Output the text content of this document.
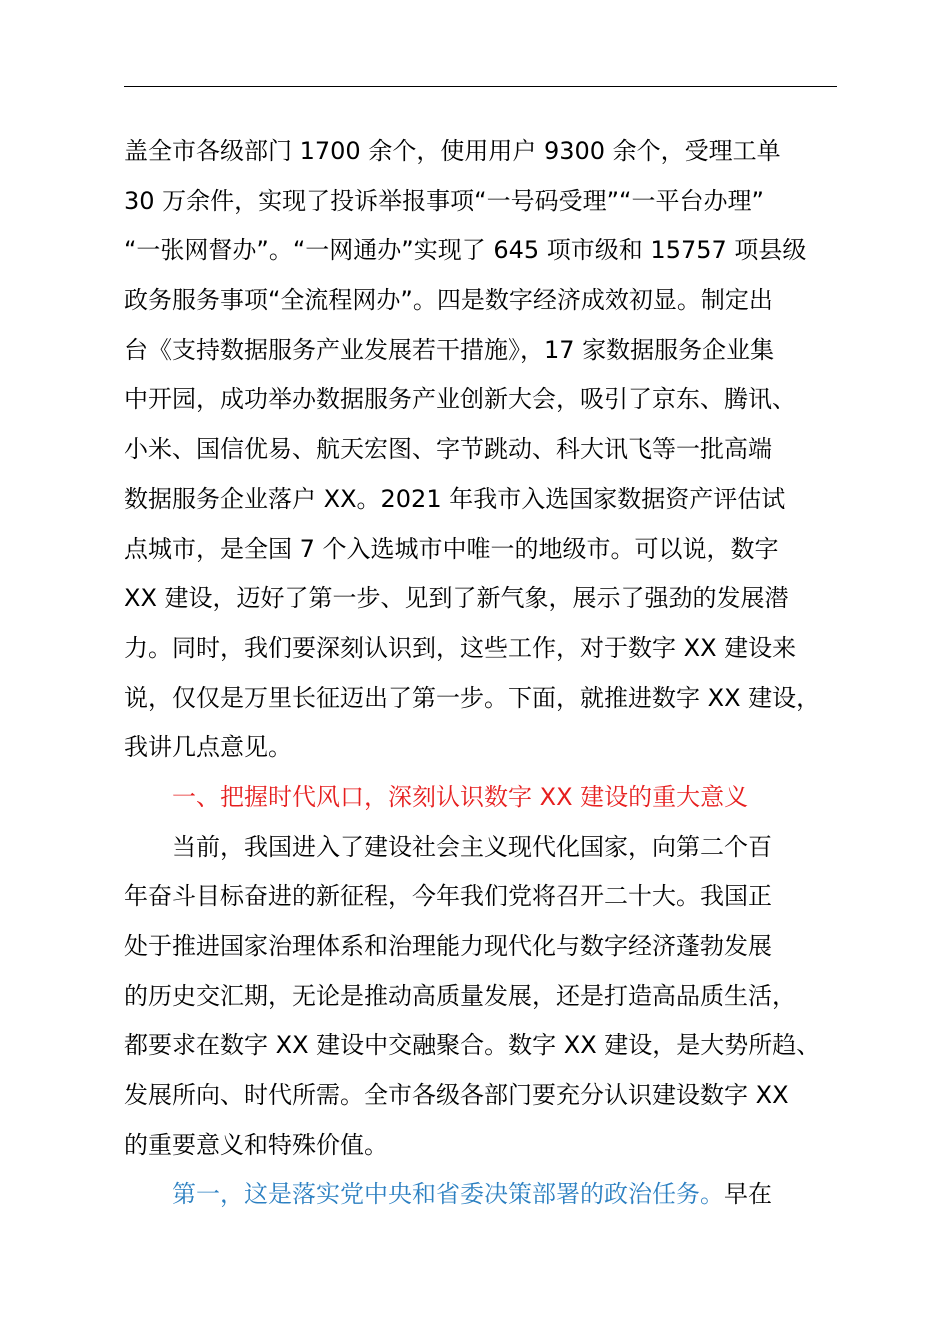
盖全市各级部门 1700 余个，使用用户 9300 余个，受理工单
30 万余件，实现了投诉举报事项“一号码受理”“一平台办理”
“一张网督办”。“一网通办”实现了 645 项市级和 15757 项县级
政务服务事项“全流程网办”。四是数字经济成效初显。制定出
台《支持数据服务产业发展若干措施》，17 家数据服务企业集
中开园，成功举办数据服务产业创新大会，吸引了京东、腾讯、
小米、国信优易、航天宏图、字节跳动、科大讯飞等一批高端
数据服务企业落户 XX。2021 年我市入选国家数据资产评估试
点城市，是全国 7 个入选城市中唯一的地级市。可以说，数字
XX 建设，迈好了第一步、见到了新气象，展示了强劲的发展潜
力。同时，我们要深刻认识到，这些工作，对于数字 XX 建设来
说，仅仅是万里长征迈出了第一步。下面，就推进数字 XX 建设，
我讲几点意见。
一、把握时代风口，深刻认识数字 XX 建设的重大意义
当前，我国进入了建设社会主义现代化国家，向第二个百
年奋斗目标奋进的新征程，今年我们党将召开二十大。我国正
处于推进国家治理体系和治理能力现代化与数字经济蓬勃发展
的历史交汇期，无论是推动高质量发展，还是打造高品质生活，
都要求在数字 XX 建设中交融聚合。数字 XX 建设，是大势所趋、
发展所向、时代所需。全市各级各部门要充分认识建设数字 XX
的重要意义和特殊价值。
第一，这是落实党中央和省委决策部署的政治任务。早在
